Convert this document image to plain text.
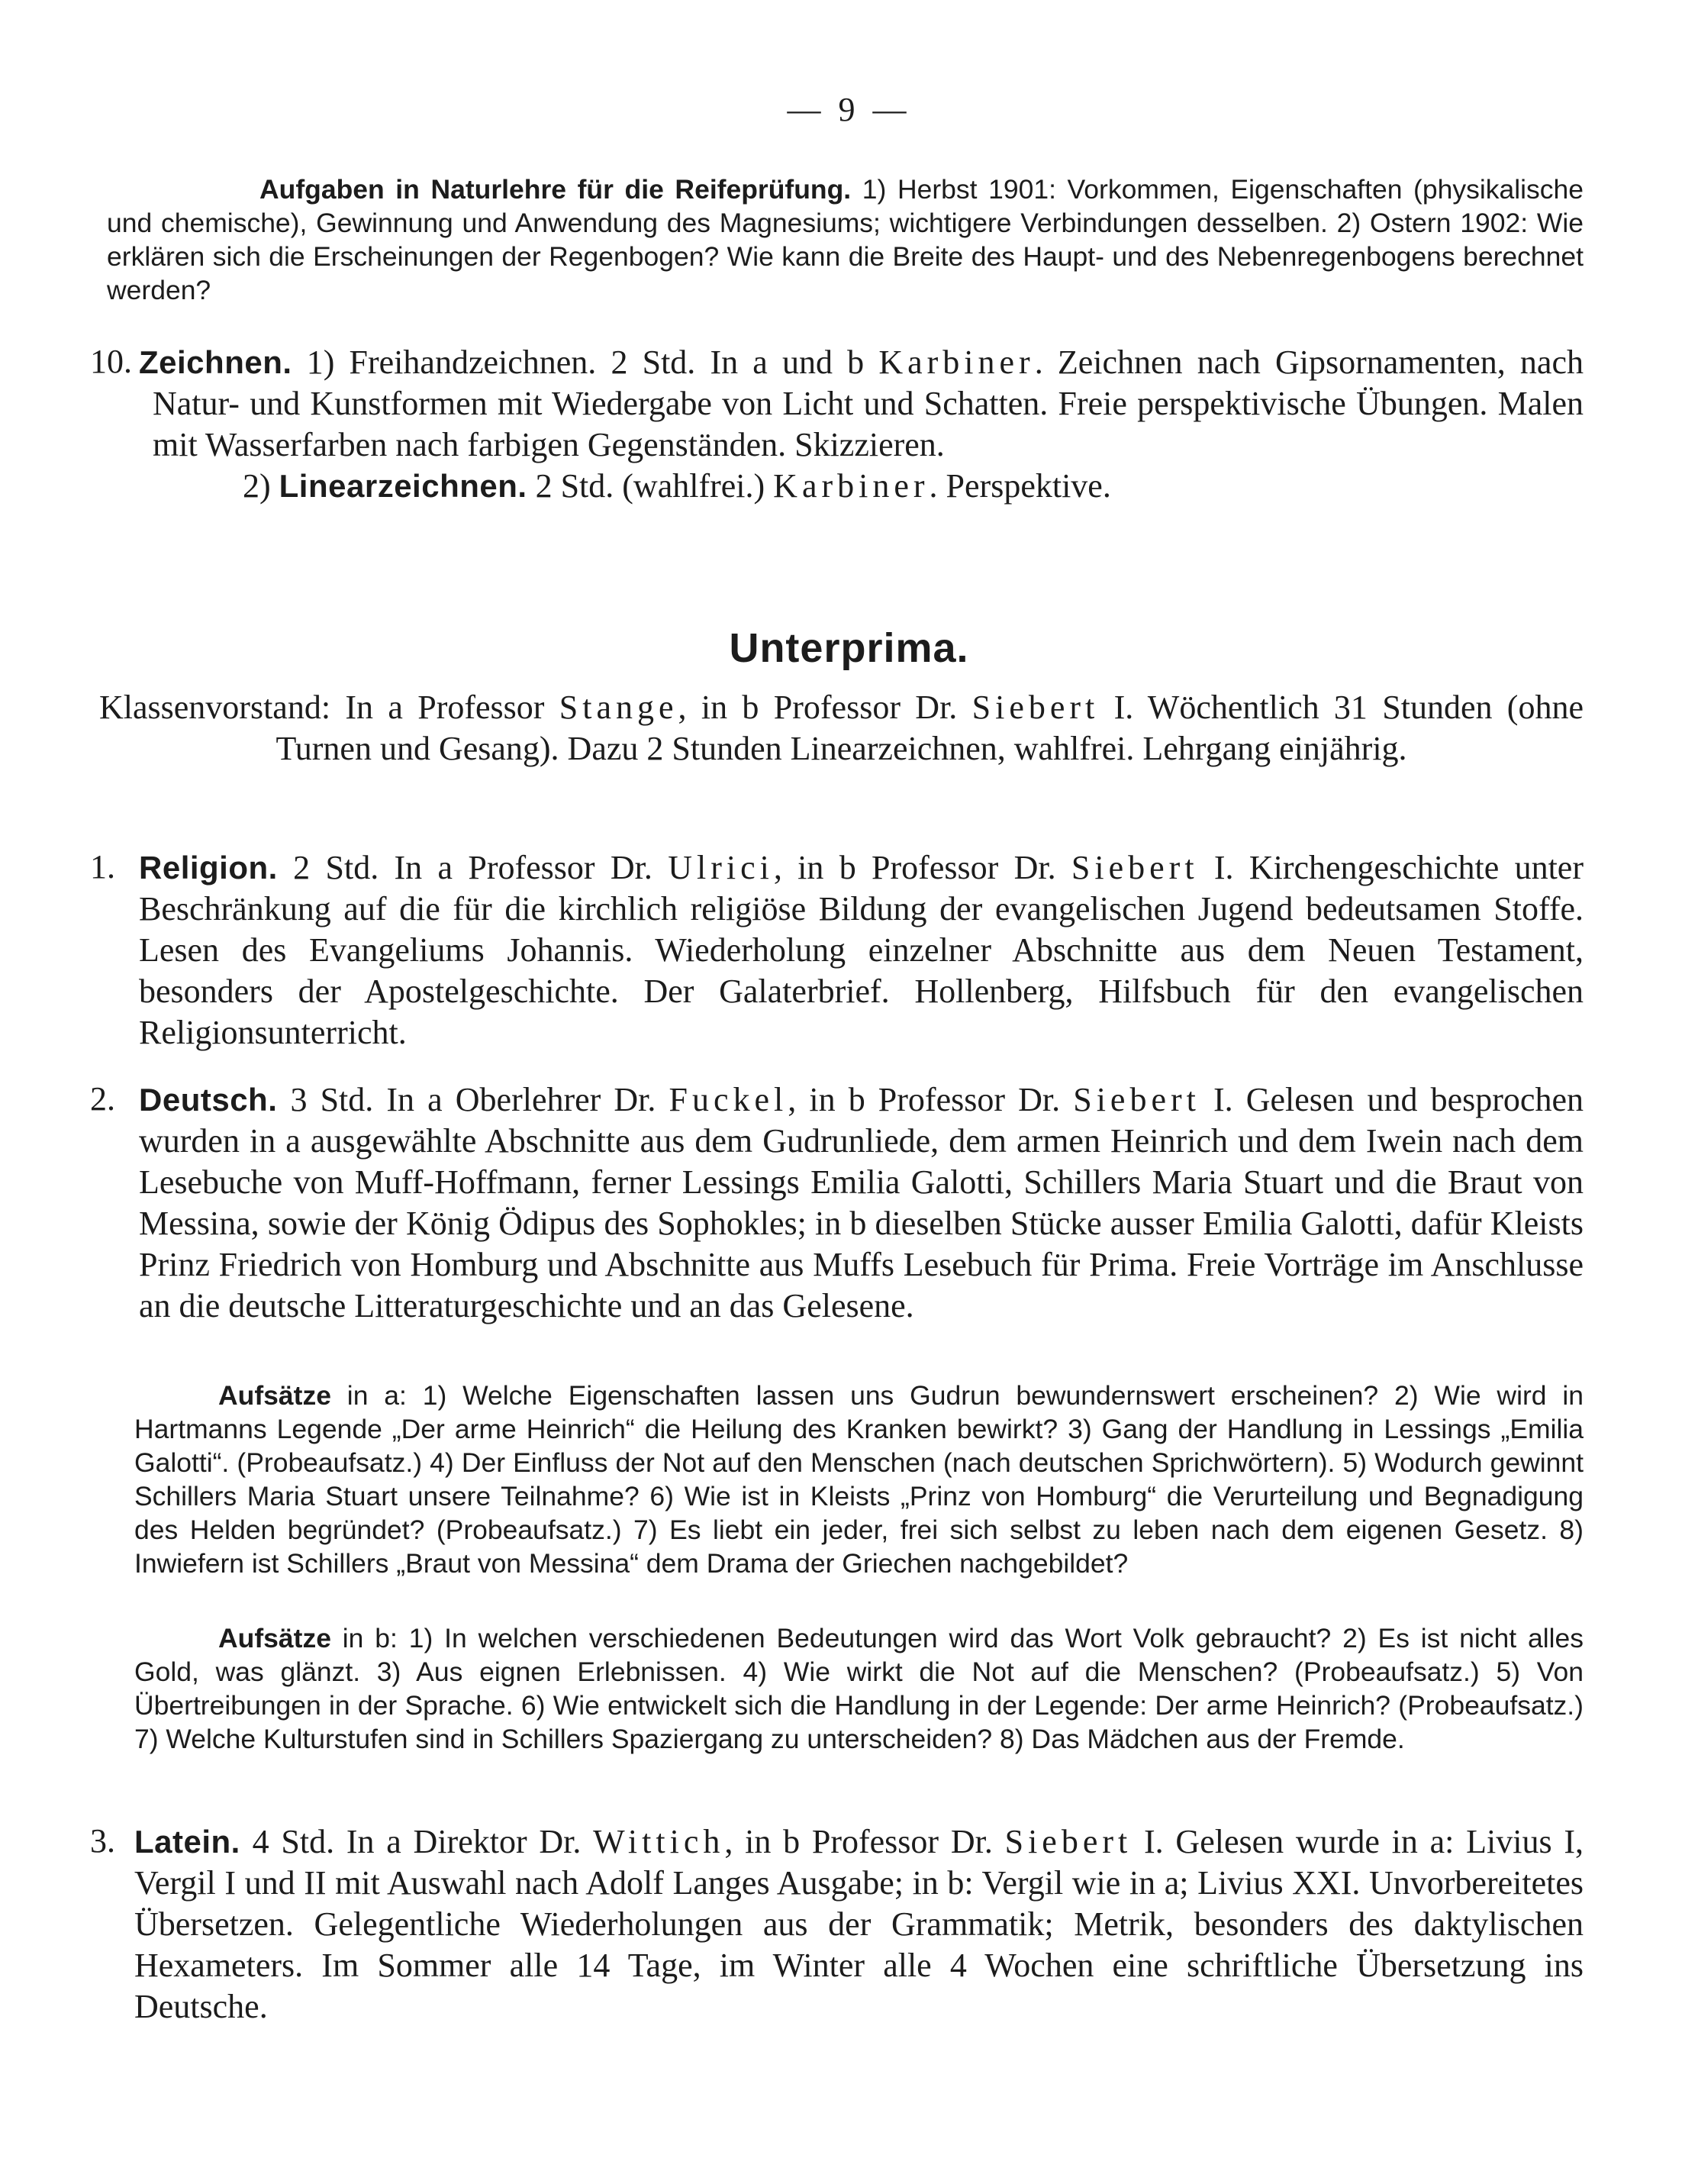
— 9 —
Aufgaben in Naturlehre für die Reifeprüfung. 1) Herbst 1901: Vorkommen, Eigenschaften (physikalische und chemische), Gewinnung und Anwendung des Magnesiums; wichtigere Verbindungen desselben. 2) Ostern 1902: Wie erklären sich die Erscheinungen der Regenbogen? Wie kann die Breite des Haupt- und des Nebenregenbogens berechnet werden?
10. Zeichnen. 1) Freihandzeichnen. 2 Std. In a und b Karbiner. Zeichnen nach Gipsornamenten, nach Natur- und Kunstformen mit Wiedergabe von Licht und Schatten. Freie perspektivische Übungen. Malen mit Wasserfarben nach farbigen Gegenständen. Skizzieren.
2) Linearzeichnen. 2 Std. (wahlfrei.) Karbiner. Perspektive.
Unterprima.
Klassenvorstand: In a Professor Stange, in b Professor Dr. Siebert I. Wöchentlich 31 Stunden (ohne Turnen und Gesang). Dazu 2 Stunden Linearzeichnen, wahlfrei. Lehrgang einjährig.
1. Religion. 2 Std. In a Professor Dr. Ulrici, in b Professor Dr. Siebert I. Kirchengeschichte unter Beschränkung auf die für die kirchlich religiöse Bildung der evangelischen Jugend bedeutsamen Stoffe. Lesen des Evangeliums Johannis. Wiederholung einzelner Abschnitte aus dem Neuen Testament, besonders der Apostelgeschichte. Der Galaterbrief. Hollenberg, Hilfsbuch für den evangelischen Religionsunterricht.
2. Deutsch. 3 Std. In a Oberlehrer Dr. Fuckel, in b Professor Dr. Siebert I. Gelesen und besprochen wurden in a ausgewählte Abschnitte aus dem Gudrunliede, dem armen Heinrich und dem Iwein nach dem Lesebuche von Muff-Hoffmann, ferner Lessings Emilia Galotti, Schillers Maria Stuart und die Braut von Messina, sowie der König Ödipus des Sophokles; in b dieselben Stücke ausser Emilia Galotti, dafür Kleists Prinz Friedrich von Homburg und Abschnitte aus Muffs Lesebuch für Prima. Freie Vorträge im Anschlusse an die deutsche Litteraturgeschichte und an das Gelesene.
Aufsätze in a: 1) Welche Eigenschaften lassen uns Gudrun bewundernswert erscheinen? 2) Wie wird in Hartmanns Legende „Der arme Heinrich“ die Heilung des Kranken bewirkt? 3) Gang der Handlung in Lessings „Emilia Galotti“. (Probeaufsatz.) 4) Der Einfluss der Not auf den Menschen (nach deutschen Sprichwörtern). 5) Wodurch gewinnt Schillers Maria Stuart unsere Teilnahme? 6) Wie ist in Kleists „Prinz von Homburg“ die Verurteilung und Begnadigung des Helden begründet? (Probeaufsatz.) 7) Es liebt ein jeder, frei sich selbst zu leben nach dem eigenen Gesetz. 8) Inwiefern ist Schillers „Braut von Messina“ dem Drama der Griechen nachgebildet?
Aufsätze in b: 1) In welchen verschiedenen Bedeutungen wird das Wort Volk gebraucht? 2) Es ist nicht alles Gold, was glänzt. 3) Aus eignen Erlebnissen. 4) Wie wirkt die Not auf die Menschen? (Probeaufsatz.) 5) Von Übertreibungen in der Sprache. 6) Wie entwickelt sich die Handlung in der Legende: Der arme Heinrich? (Probeaufsatz.) 7) Welche Kulturstufen sind in Schillers Spaziergang zu unterscheiden? 8) Das Mädchen aus der Fremde.
3. Latein. 4 Std. In a Direktor Dr. Wittich, in b Professor Dr. Siebert I. Gelesen wurde in a: Livius I, Vergil I und II mit Auswahl nach Adolf Langes Ausgabe; in b: Vergil wie in a; Livius XXI. Unvorbereitetes Übersetzen. Gelegentliche Wiederholungen aus der Grammatik; Metrik, besonders des daktylischen Hexameters. Im Sommer alle 14 Tage, im Winter alle 4 Wochen eine schriftliche Übersetzung ins Deutsche.
